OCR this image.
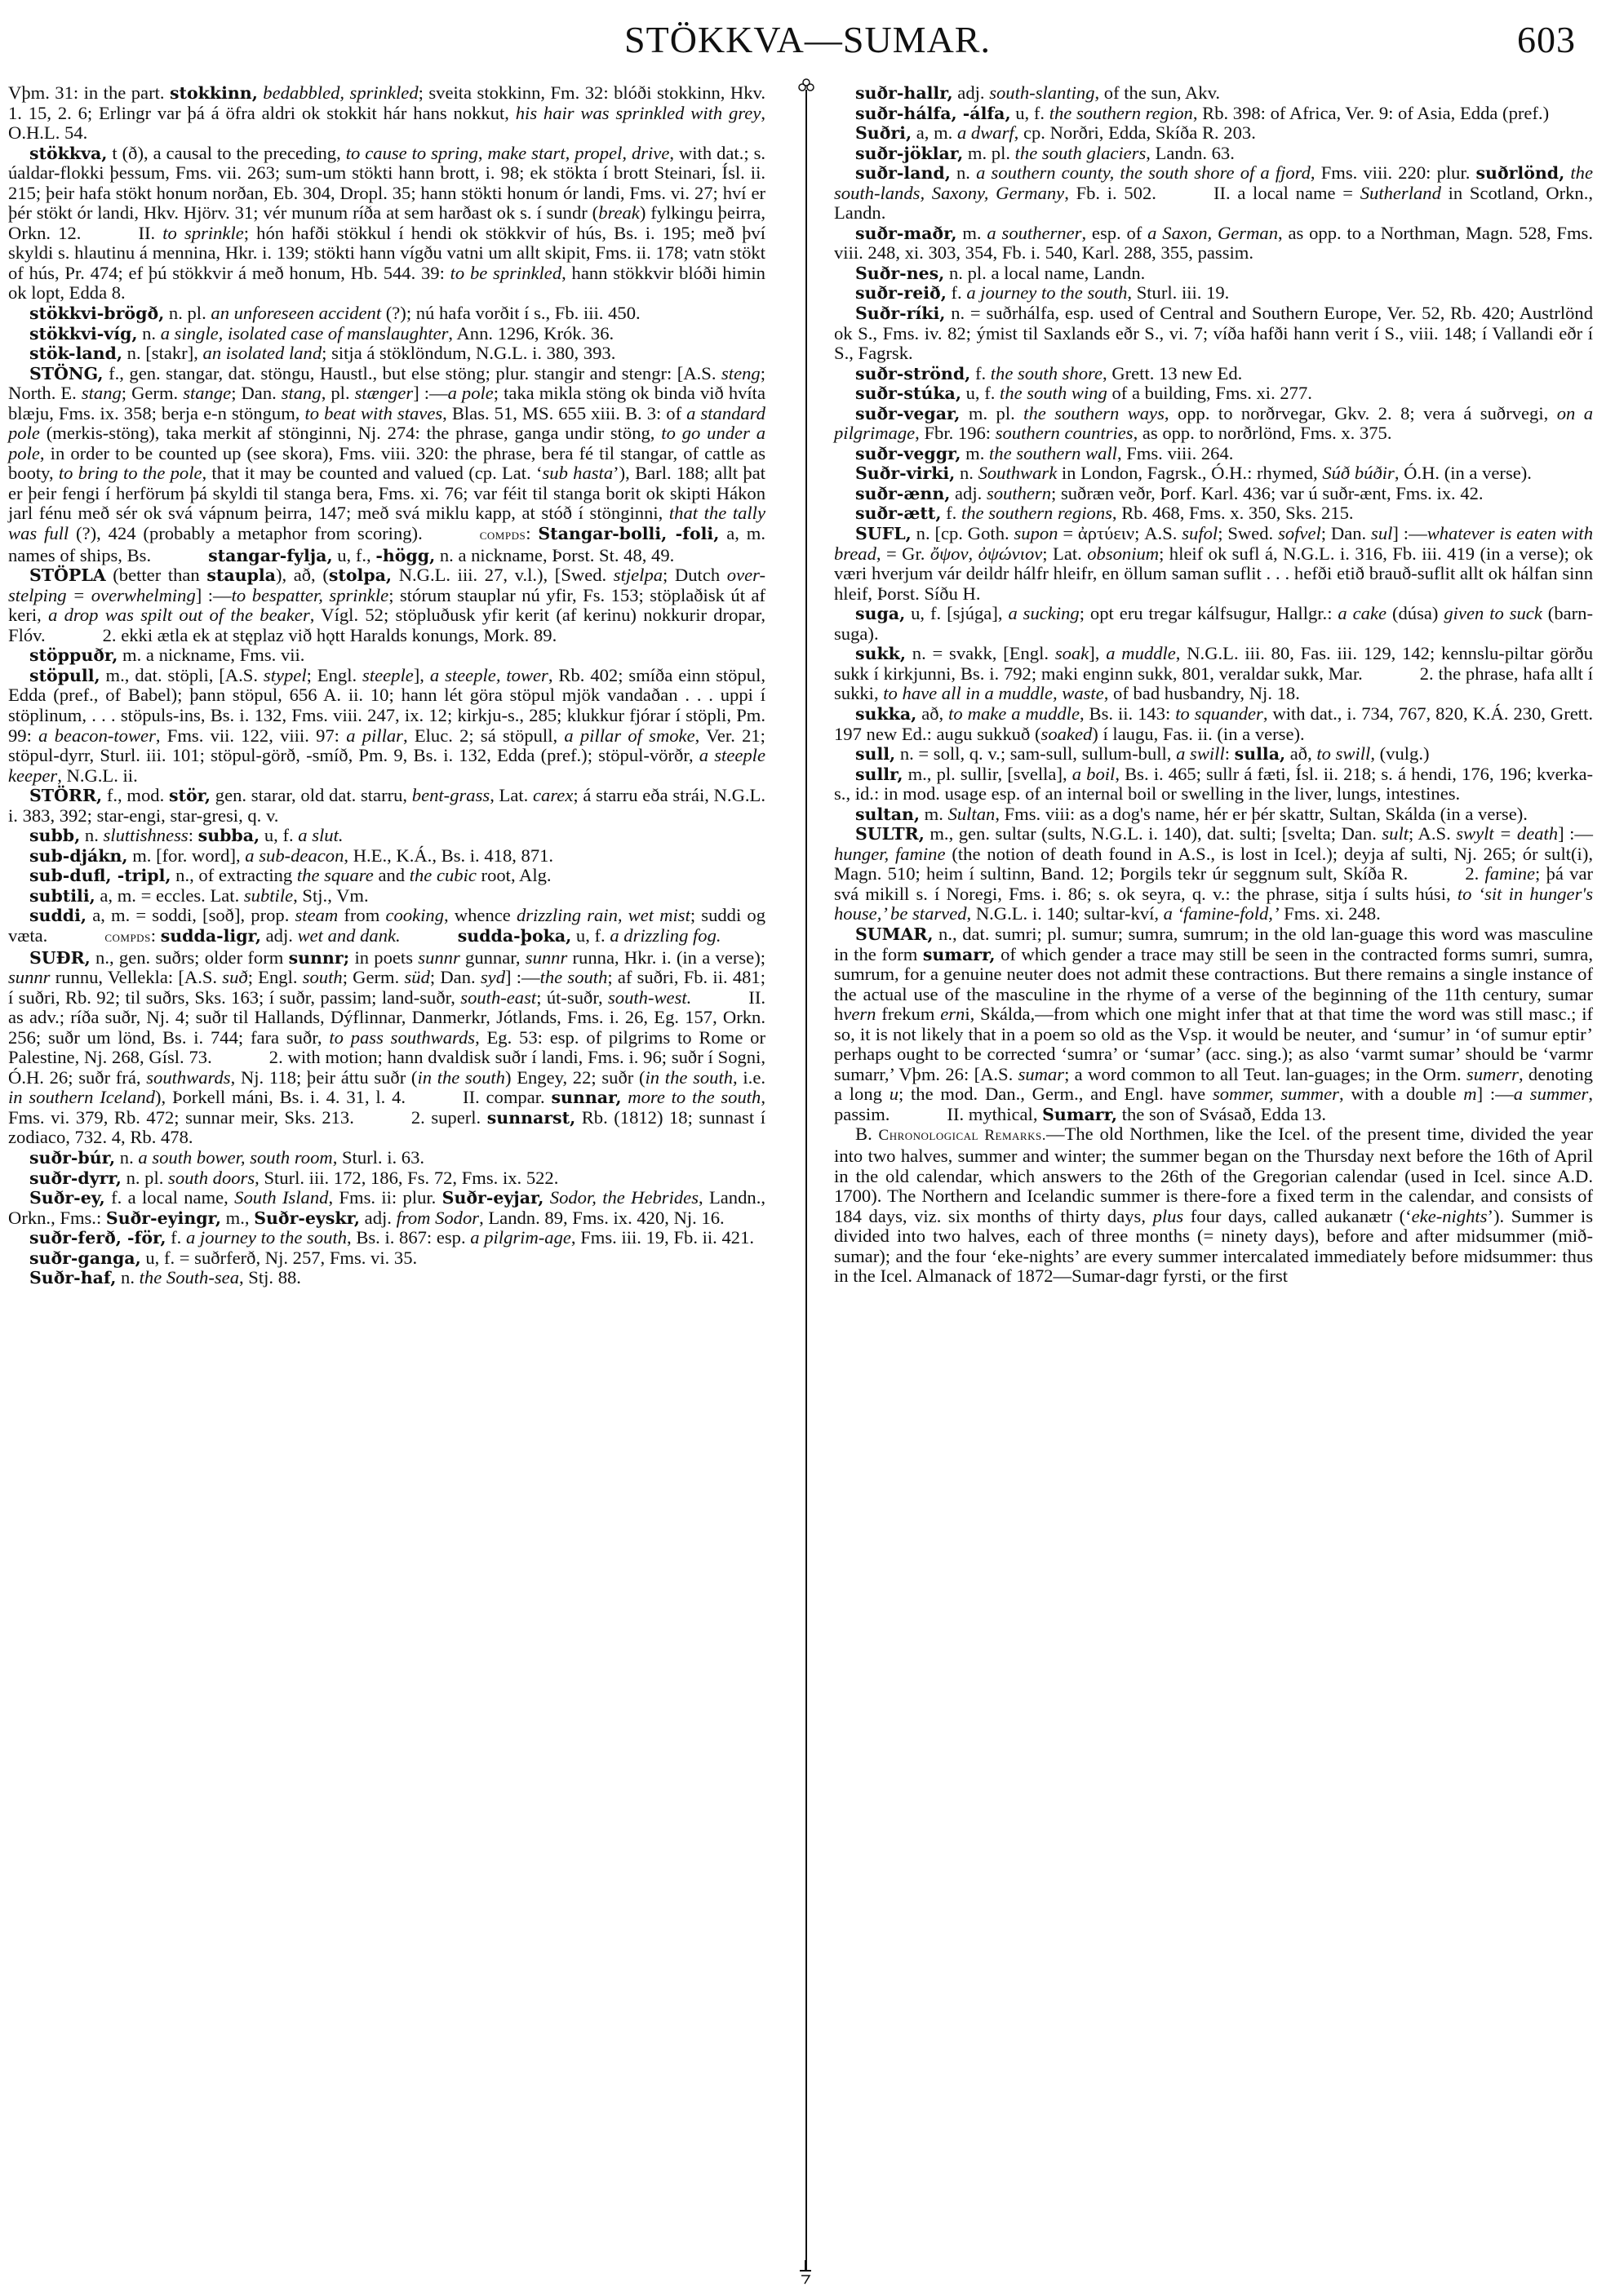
STÖKKVA—SUMAR.	603

Vþm. 31: in the part. stokkinn, bedabbled, sprinkled; sveita stokkinn, Fm. 32: blóði stokkinn, Hkv. 1. 15, 2. 6; Erlingr var þá á öfra aldri ok stokkit hár hans nokkut, his hair was sprinkled with grey, O.H.L. 54.

stökkva, t (ð), a causal to the preceding, to cause to spring, make start, propel, drive, with dat.; s. úaldar-flokki þessum, Fms. vii. 263; sum-um stökti hann brott, i. 98; ek stökta í brott Steinari, Ísl. ii. 215; þeir hafa stökt honum norðan, Eb. 304, Dropl. 35; hann stökti honum ór landi, Fms. vi. 27; hví er þér stökt ór landi, Hkv. Hjörv. 31; vér munum ríða at sem harðast ok s. í sundr (break) fylkingu þeirra, Orkn. 12.	II. to sprinkle; hón hafði stökkul í hendi ok stökkvir of hús, Bs. i. 195; með því skyldi s. hlautinu á mennina, Hkr. i. 139; stökti hann vígðu vatni um allt skipit, Fms. ii. 178; vatn stökt of hús, Pr. 474; ef þú stökkvir á með honum, Hb. 544. 39: to be sprinkled, hann stökkvir blóði himin ok lopt, Edda 8.

stökkvi-brögð, n. pl. an unforeseen accident (?); nú hafa vorðit í s., Fb. iii. 450.

stökkvi-víg, n. a single, isolated case of manslaughter, Ann. 1296, Krók. 36.

stök-land, n. [stakr], an isolated land; sitja á stöklöndum, N.G.L. i. 380, 393.

STÖNG, f., gen. stangar, dat. stöngu, Haustl., but else stöng; plur. stangir and stengr: [A.S. steng; North. E. stang; Germ. stange; Dan. stang, pl. stænger] :—a pole; taka mikla stöng ok binda við hvíta blæju, Fms. ix. 358; berja e-n stöngum, to beat with staves, Blas. 51, MS. 655 xiii. B. 3: of a standard pole (merkis-stöng), taka merkit af stönginni, Nj. 274: the phrase, ganga undir stöng, to go under a pole, in order to be counted up (see skora), Fms. viii. 320: the phrase, bera fé til stangar, of cattle as booty, to bring to the pole, that it may be counted and valued (cp. Lat. ‘sub hasta’), Barl. 188; allt þat er þeir fengi í herförum þá skyldi til stanga bera, Fms. xi. 76; var féit til stanga borit ok skipti Hákon jarl fénu með sér ok svá vápnum þeirra, 147; með svá miklu kapp, at stóð í stönginni, that the tally was full (?), 424 (probably a metaphor from scoring).	compds: Stangar-bolli, -foli, a, m. names of ships, Bs.	stangar-fylja, u, f., -högg, n. a nickname, Þorst. St. 48, 49.

STÖPLA (better than staupla), að, (stolpa, N.G.L. iii. 27, v.l.), [Swed. stjelpa; Dutch over-stelping = overwhelming] :—to bespatter, sprinkle; stórum stauplar nú yfir, Fs. 153; stöplaðisk út af keri, a drop was spilt out of the beaker, Vígl. 52; stöpluðusk yfir kerit (af kerinu) nokkurir dropar, Flóv.	2. ekki ætla ek at stęplaz við hǫtt Haralds konungs, Mork. 89.

stöppuðr, m. a nickname, Fms. vii.

stöpull, m., dat. stöpli, [A.S. stypel; Engl. steeple], a steeple, tower, Rb. 402; smíða einn stöpul, Edda (pref., of Babel); þann stöpul, 656 A. ii. 10; hann lét göra stöpul mjök vandaðan . . . uppi í stöplinum, . . . stöpuls-ins, Bs. i. 132, Fms. viii. 247, ix. 12; kirkju-s., 285; klukkur fjórar í stöpli, Pm. 99: a beacon-tower, Fms. vii. 122, viii. 97: a pillar, Eluc. 2; sá stöpull, a pillar of smoke, Ver. 21; stöpul-dyrr, Sturl. iii. 101; stöpul-görð, -smíð, Pm. 9, Bs. i. 132, Edda (pref.); stöpul-vörðr, a steeple keeper, N.G.L. ii.

STÖRR, f., mod. stör, gen. starar, old dat. starru, bent-grass, Lat. carex; á starru eða strái, N.G.L. i. 383, 392; star-engi, star-gresi, q. v.

subb, n. sluttishness: subba, u, f. a slut.

sub-djákn, m. [for. word], a sub-deacon, H.E., K.Á., Bs. i. 418, 871.

sub-dufl, -tripl, n., of extracting the square and the cubic root, Alg.

subtili, a, m. = eccles. Lat. subtile, Stj., Vm.

suddi, a, m. = soddi, [soð], prop. steam from cooking, whence drizzling rain, wet mist; suddi og væta.	compds: sudda-ligr, adj. wet and dank.	sudda-þoka, u, f. a drizzling fog.

SUÐR, n., gen. suðrs; older form sunnr; in poets sunnr gunnar, sunnr runna, Hkr. i. (in a verse); sunnr runnu, Vellekla: [A.S. suð; Engl. south; Germ. süd; Dan. syd] :—the south; af suðri, Fb. ii. 481; í suðri, Rb. 92; til suðrs, Sks. 163; í suðr, passim; land-suðr, south-east; út-suðr, south-west.	II. as adv.; ríða suðr, Nj. 4; suðr til Hallands, Dýflinnar, Danmerkr, Jótlands, Fms. i. 26, Eg. 157, Orkn. 256; suðr um lönd, Bs. i. 744; fara suðr, to pass southwards, Eg. 53: esp. of pilgrims to Rome or Palestine, Nj. 268, Gísl. 73.	2. with motion; hann dvaldisk suðr í landi, Fms. i. 96; suðr í Sogni, Ó.H. 26; suðr frá, southwards, Nj. 118; þeir áttu suðr (in the south) Engey, 22; suðr (in the south, i.e. in southern Iceland), Þorkell máni, Bs. i. 4. 31, l. 4.	II. compar. sunnar, more to the south, Fms. vi. 379, Rb. 472; sunnar meir, Sks. 213.	2. superl. sunnarst, Rb. (1812) 18; sunnast í zodiaco, 732. 4, Rb. 478.

suðr-búr, n. a south bower, south room, Sturl. i. 63.

suðr-dyrr, n. pl. south doors, Sturl. iii. 172, 186, Fs. 72, Fms. ix. 522.

Suðr-ey, f. a local name, South Island, Fms. ii: plur. Suðr-eyjar, Sodor, the Hebrides, Landn., Orkn., Fms.: Suðr-eyingr, m., Suðr-eyskr, adj. from Sodor, Landn. 89, Fms. ix. 420, Nj. 16.

suðr-ferð, -för, f. a journey to the south, Bs. i. 867: esp. a pilgrim-age, Fms. iii. 19, Fb. ii. 421.

suðr-ganga, u, f. = suðrferð, Nj. 257, Fms. vi. 35.

Suðr-haf, n. the South-sea, Stj. 88.

suðr-hallr, adj. south-slanting, of the sun, Akv.

suðr-hálfa, -álfa, u, f. the southern region, Rb. 398: of Africa, Ver. 9: of Asia, Edda (pref.)

Suðri, a, m. a dwarf, cp. Norðri, Edda, Skíða R. 203.

suðr-jöklar, m. pl. the south glaciers, Landn. 63.

suðr-land, n. a southern county, the south shore of a fjord, Fms. viii. 220: plur. suðrlönd, the south-lands, Saxony, Germany, Fb. i. 502.	II. a local name = Sutherland in Scotland, Orkn., Landn.

suðr-maðr, m. a southerner, esp. of a Saxon, German, as opp. to a Northman, Magn. 528, Fms. viii. 248, xi. 303, 354, Fb. i. 540, Karl. 288, 355, passim.

Suðr-nes, n. pl. a local name, Landn.

suðr-reið, f. a journey to the south, Sturl. iii. 19.

Suðr-ríki, n. = suðrhálfa, esp. used of Central and Southern Europe, Ver. 52, Rb. 420; Austrlönd ok S., Fms. iv. 82; ýmist til Saxlands eðr S., vi. 7; víða hafði hann verit í S., viii. 148; í Vallandi eðr í S., Fagrsk.

suðr-strönd, f. the south shore, Grett. 13 new Ed.

suðr-stúka, u, f. the south wing of a building, Fms. xi. 277.

suðr-vegar, m. pl. the southern ways, opp. to norðrvegar, Gkv. 2. 8; vera á suðrvegi, on a pilgrimage, Fbr. 196: southern countries, as opp. to norðrlönd, Fms. x. 375.

suðr-veggr, m. the southern wall, Fms. viii. 264.

Suðr-virki, n. Southwark in London, Fagrsk., Ó.H.: rhymed, Súð búðir, Ó.H. (in a verse).

suðr-ænn, adj. southern; suðræn veðr, Þorf. Karl. 436; var ú suðr-ænt, Fms. ix. 42.

suðr-ætt, f. the southern regions, Rb. 468, Fms. x. 350, Sks. 215.

SUFL, n. [cp. Goth. supon = ἀρτύειν; A.S. sufol; Swed. sofvel; Dan. sul] :—whatever is eaten with bread, = Gr. ὄψον, ὀψώνιον; Lat. obsonium; hleif ok sufl á, N.G.L. i. 316, Fb. iii. 419 (in a verse); ok væri hverjum vár deildr hálfr hleifr, en öllum saman suflit . . . hefði etið brauð-suflit allt ok hálfan sinn hleif, Þorst. Síðu H.

suga, u, f. [sjúga], a sucking; opt eru tregar kálfsugur, Hallgr.: a cake (dúsa) given to suck (barn-suga).

sukk, n. = svakk, [Engl. soak], a muddle, N.G.L. iii. 80, Fas. iii. 129, 142; kennslu-piltar görðu sukk í kirkjunni, Bs. i. 792; maki enginn sukk, 801, veraldar sukk, Mar.	2. the phrase, hafa allt í sukki, to have all in a muddle, waste, of bad husbandry, Nj. 18.

sukka, að, to make a muddle, Bs. ii. 143: to squander, with dat., i. 734, 767, 820, K.Á. 230, Grett. 197 new Ed.: augu sukkuð (soaked) í laugu, Fas. ii. (in a verse).

sull, n. = soll, q. v.; sam-sull, sullum-bull, a swill: sulla, að, to swill, (vulg.)

sullr, m., pl. sullir, [svella], a boil, Bs. i. 465; sullr á fæti, Ísl. ii. 218; s. á hendi, 176, 196; kverka-s., id.: in mod. usage esp. of an internal boil or swelling in the liver, lungs, intestines.

sultan, m. Sultan, Fms. viii: as a dog's name, hér er þér skattr, Sultan, Skálda (in a verse).

SULTR, m., gen. sultar (sults, N.G.L. i. 140), dat. sulti; [svelta; Dan. sult; A.S. swylt = death] :—hunger, famine (the notion of death found in A.S., is lost in Icel.); deyja af sulti, Nj. 265; ór sult(i), Magn. 510; heim í sultinn, Band. 12; Þorgils tekr úr seggnum sult, Skíða R.	2. famine; þá var svá mikill s. í Noregi, Fms. i. 86; s. ok seyra, q. v.: the phrase, sitja í sults húsi, to ‘sit in hunger's house,’ be starved, N.G.L. i. 140; sultar-kví, a ‘famine-fold,’ Fms. xi. 248.

SUMAR, n., dat. sumri; pl. sumur; sumra, sumrum; in the old lan-guage this word was masculine in the form sumarr, of which gender a trace may still be seen in the contracted forms sumri, sumra, sumrum, for a genuine neuter does not admit these contractions. But there remains a single instance of the actual use of the masculine in the rhyme of a verse of the beginning of the 11th century, sumar hvern frekum erni, Skálda,—from which one might infer that at that time the word was still masc.; if so, it is not likely that in a poem so old as the Vsp. it would be neuter, and ‘sumur’ in ‘of sumur eptir’ perhaps ought to be corrected ‘sumra’ or ‘sumar’ (acc. sing.); as also ‘varmt sumar’ should be ‘varmr sumarr,’ Vþm. 26: [A.S. sumar; a word common to all Teut. lan-guages; in the Orm. sumerr, denoting a long u; the mod. Dan., Germ., and Engl. have sommer, summer, with a double m] :—a summer, passim.	II. mythical, Sumarr, the son of Svásað, Edda 13.

B. Chronological Remarks.—The old Northmen, like the Icel. of the present time, divided the year into two halves, summer and winter; the summer began on the Thursday next before the 16th of April in the old calendar, which answers to the 26th of the Gregorian calendar (used in Icel. since A.D. 1700). The Northern and Icelandic summer is there-fore a fixed term in the calendar, and consists of 184 days, viz. six months of thirty days, plus four days, called aukanætr (‘eke-nights’). Summer is divided into two halves, each of three months (= ninety days), before and after midsummer (mið-sumar); and the four ‘eke-nights’ are every summer intercalated immediately before midsummer: thus in the Icel. Almanack of 1872—Sumar-dagr fyrsti, or the first
